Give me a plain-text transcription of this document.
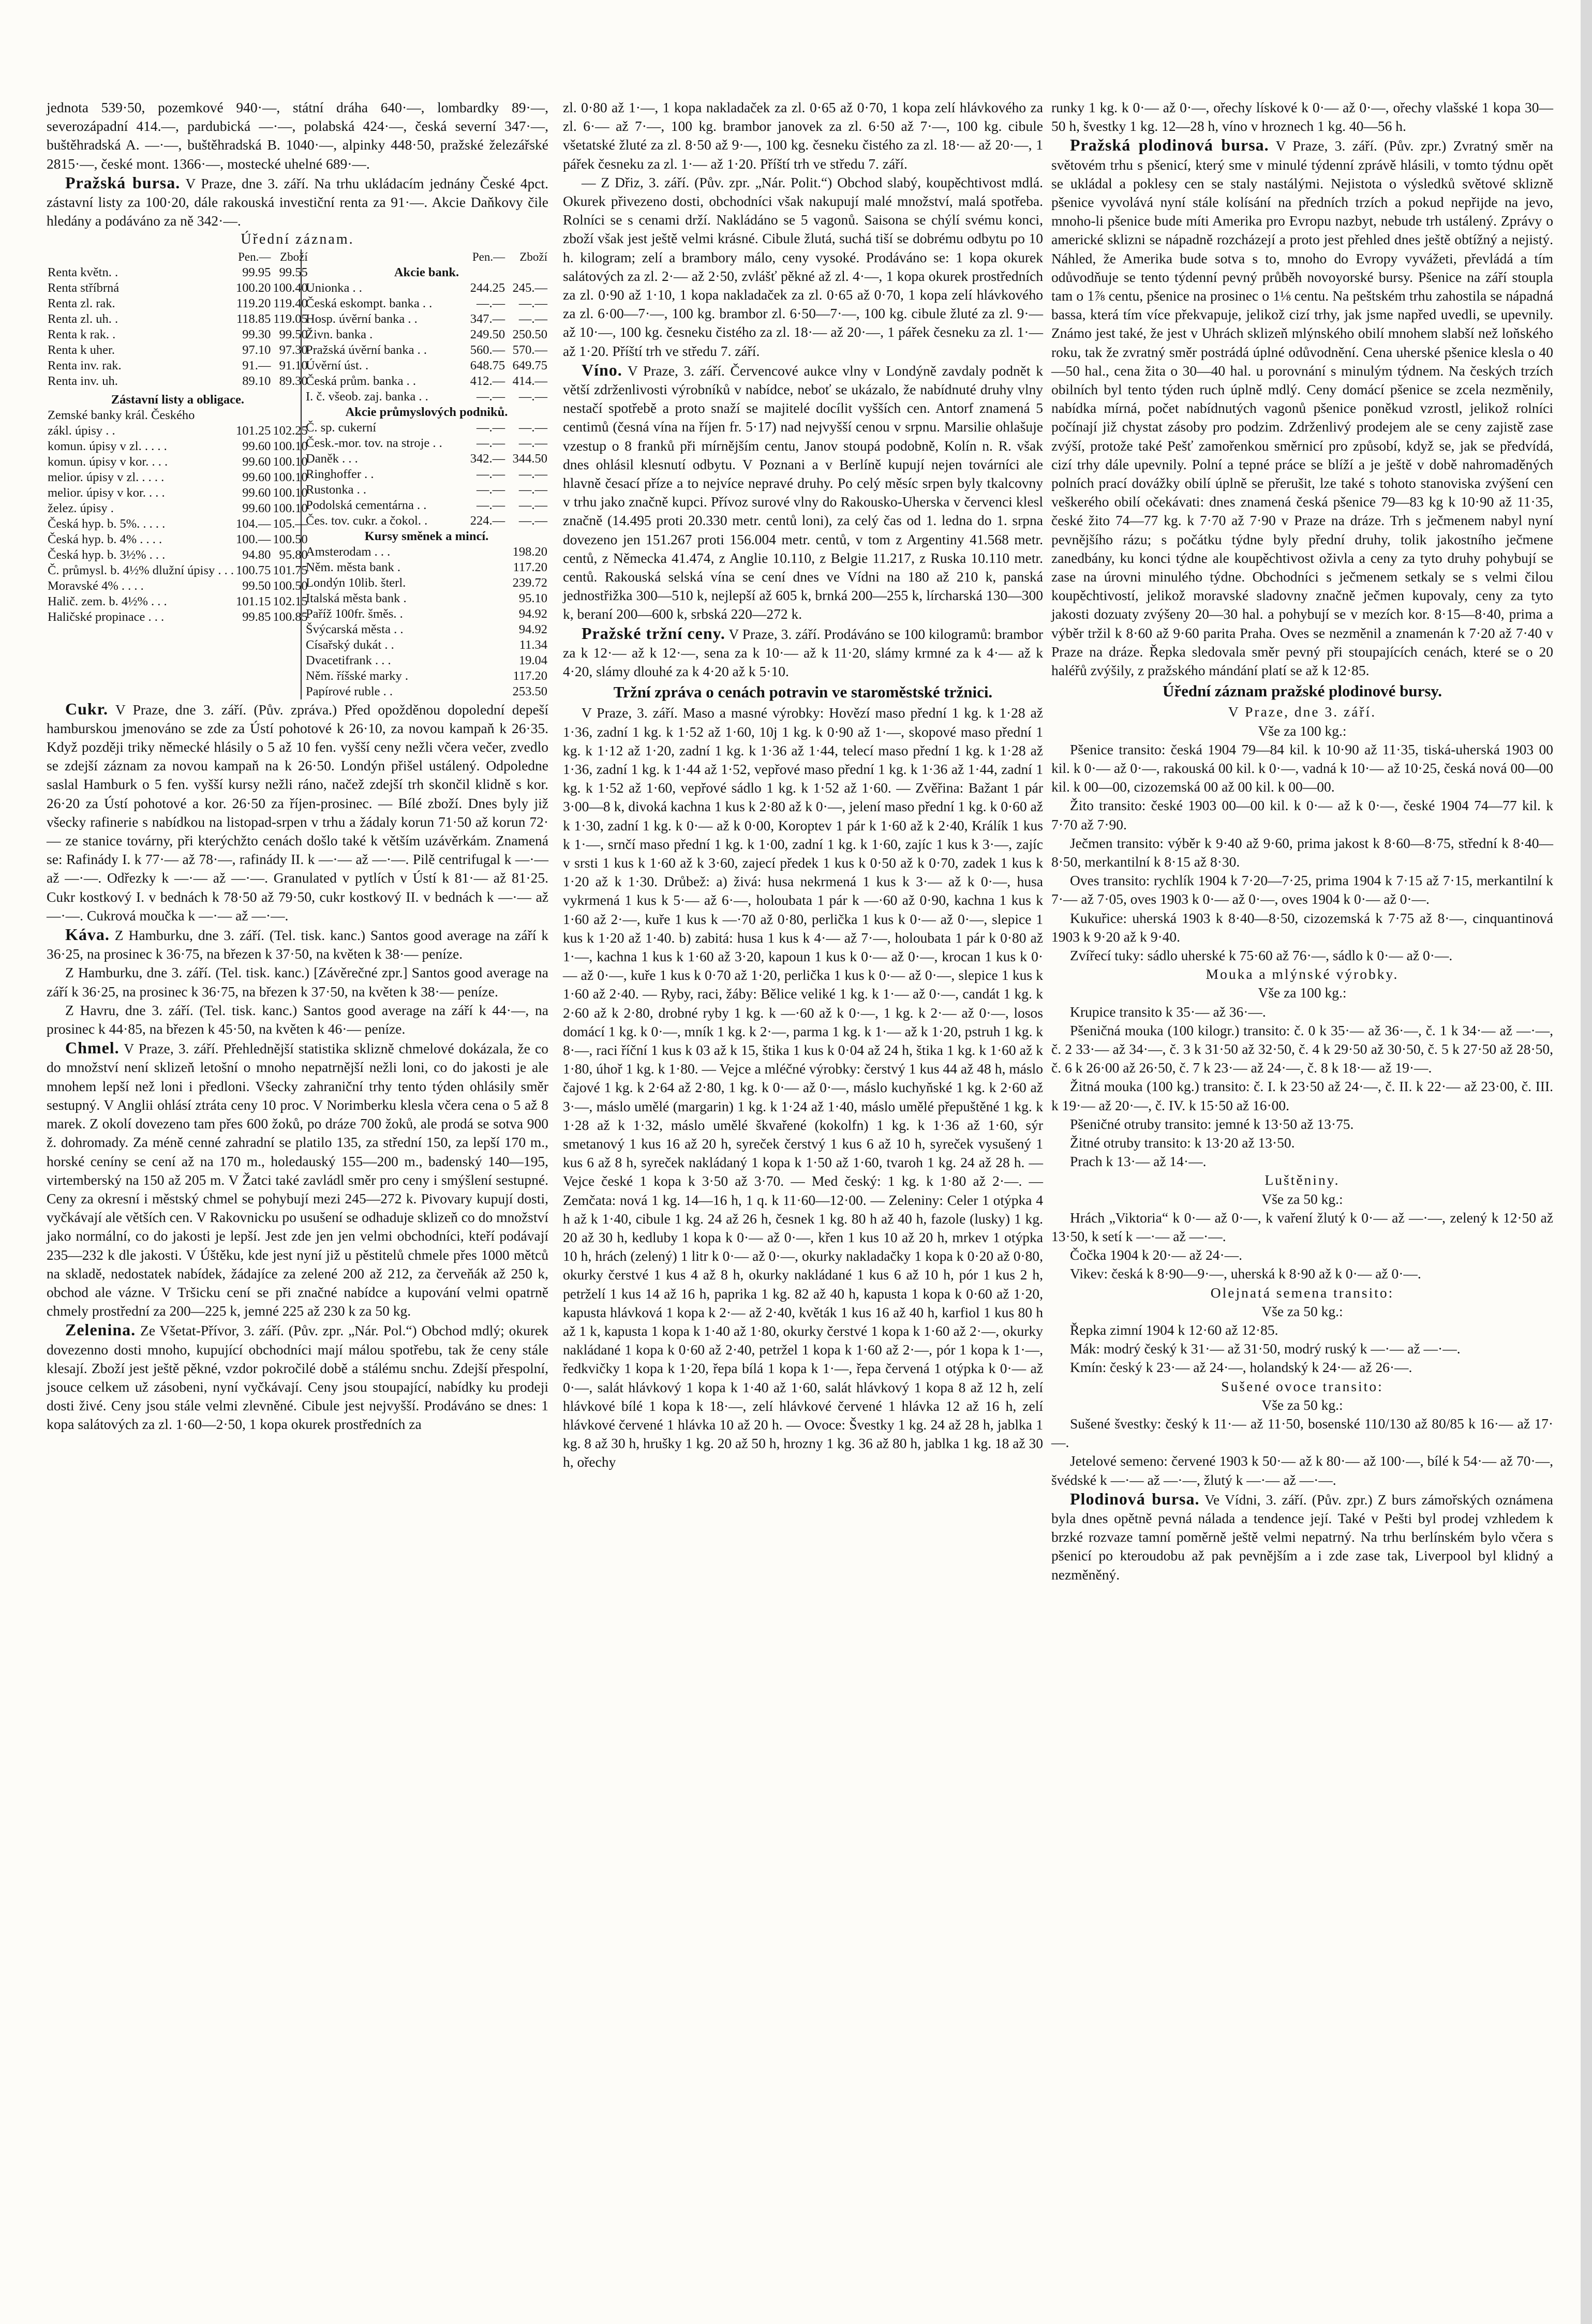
jednota 539·50, pozemkové 940·—, státní dráha 640·—, lombardky 89·—, severozápadní 414.—, pardubická —·—, polabská 424·—, česká severní 347·—, buštěhradská A. —·—, buštěhradská B. 1040·—, alpinky 448·50, pražské železářské 2815·—, české mont. 1366·—, mostecké uhelné 689·—.

Pražská bursa. V Praze, dne 3. září. Na trhu ukládacím jednány České 4pct. zástavní listy za 100·20, dále rakouská investiční renta za 91·—. Akcie Daňkovy čile hledány a podáváno za ně 342·—.

Úřední záznam.
	Pen.—	Zboží
Renta květn. .	99.95	99.55
Renta stříbrná	100.20	100.40
Renta zl. rak.	119.20	119.40
Renta zl. uh. .	118.85	119.05
Renta k rak. .	99.30	99.50
Renta k uher.	97.10	97.30
Renta inv. rak.	91.—	91.10
Renta inv. uh.	89.10	89.30
Zástavní listy a obligace.		
Zemské banky král. Českého		
zákl. úpisy . .	101.25	102.25
komun. úpisy v zl. . . . .	99.60	100.10
komun. úpisy v kor. . . .	99.60	100.10
melior. úpisy v zl. . . . .	99.60	100.10
melior. úpisy v kor. . . .	99.60	100.10
želez. úpisy .	99.60	100.10
Česká hyp. b. 5%. . . . .	104.—	105.—
Česká hyp. b. 4% . . . .	100.—	100.50
Česká hyp. b. 3½% . . .	94.80	95.80
Č. průmysl. b. 4½% dlužní úpisy . . .	100.75	101.75
Moravské 4% . . . .	99.50	100.50
Halič. zem. b. 4½% . . .	101.15	102.15
Haličské propinace . . .	99.85	100.85
	Pen.—	Zboží
Akcie bank.		
Unionka . .	244.25	245.—
Česká eskompt. banka . .	—.—	—.—
Hosp. úvěrní banka . .	347.—	—.—
Živn. banka .	249.50	250.50
Pražská úvěrní banka . .	560.—	570.—
Úvěrní úst. .	648.75	649.75
Česká prům. banka . .	412.—	414.—
I. č. všeob. zaj. banka . .	—.—	—.—
Akcie průmyslových podniků.		
Č. sp. cukerní	—.—	—.—
Česk.-mor. tov. na stroje . .	—.—	—.—
Daněk . . .	342.—	344.50
Ringhoffer . .	—.—	—.—
Rustonka . .	—.—	—.—
Podolská cementárna . .	—.—	—.—
Čes. tov. cukr. a čokol. .	224.—	—.—
Kursy směnek a mincí.		
Amsterodam . . .		198.20
Něm. města bank .		117.20
Londýn 10lib. šterl.		239.72
Italská města bank .		95.10
Paříž 100fr. šměs. .		94.92
Švýcarská města . .		94.92
Císařský dukát . .		11.34
Dvacetifrank . . .		19.04
Něm. říšské marky .		117.20
Papírové ruble . .		253.50

Cukr. V Praze, dne 3. září. (Pův. zpráva.) Před opožděnou dopolední depeší hamburskou jmenováno se zde za Ústí pohotové k 26·10, za novou kampaň k 26·35. Když později triky německé hlásily o 5 až 10 fen. vyšší ceny nežli včera večer, zvedlo se zdejší záznam za novou kampaň na k 26·50. Londýn přišel ustálený. Odpoledne saslal Hamburk o 5 fen. vyšší kursy nežli ráno, načež zdejší trh skončil klidně s kor. 26·20 za Ústí pohotové a kor. 26·50 za říjen-prosinec. — Bílé zboží. Dnes byly již všecky rafinerie s nabídkou na listopad-srpen v trhu a žádaly korun 71·50 až korun 72·— ze stanice továrny, při kterýchžto cenách došlo také k větším uzávěrkám. Znamená se: Rafinády I. k 77·— až 78·—, rafinády II. k —·— až —·—. Pilě centrifugal k —·— až —·—. Odřezky k —·— až —·—. Granulated v pytlích v Ústí k 81·— až 81·25. Cukr kostkový I. v bednách k 78·50 až 79·50, cukr kostkový II. v bednách k —·— až —·—. Cukrová moučka k —·— až —·—.

Káva. Z Hamburku, dne 3. září. (Tel. tisk. kanc.) Santos good average na září k 36·25, na prosinec k 36·75, na březen k 37·50, na květen k 38·— peníze.

Z Hamburku, dne 3. září. (Tel. tisk. kanc.) [Závěrečné zpr.] Santos good average na září k 36·25, na prosinec k 36·75, na březen k 37·50, na květen k 38·— peníze.

Z Havru, dne 3. září. (Tel. tisk. kanc.) Santos good average na září k 44·—, na prosinec k 44·85, na březen k 45·50, na květen k 46·— peníze.

Chmel. V Praze, 3. září. Přehlednější statistika sklizně chmelové dokázala, že co do množství není sklizeň letošní o mnoho nepatrnější nežli loni, co do jakosti je ale mnohem lepší než loni i předloni. Všecky zahraniční trhy tento týden ohlásily směr sestupný. V Anglii ohlásí ztráta ceny 10 proc. V Norimberku klesla včera cena o 5 až 8 marek. Z okolí dovezeno tam přes 600 žoků, po dráze 700 žoků, ale prodá se sotva 900 ž. dohromady. Za méně cenné zahradní se platilo 135, za střední 150, za lepší 170 m., horské ceníny se cení až na 170 m., holedauský 155—200 m., badenský 140—195, virtemberský na 150 až 205 m. V Žatci také zavládl směr pro ceny i smýšlení sestupné. Ceny za okresní i městský chmel se pohybují mezi 245—272 k. Pivovary kupují dosti, vyčkávají ale větších cen. V Rakovnicku po usušení se odhaduje sklizeň co do množství jako normální, co do jakosti je lepší. Jest zde jen jen velmi obchodníci, kteří podávají 235—232 k dle jakosti. V Úštěku, kde jest nyní již u pěstitelů chmele přes 1000 mětců na skladě, nedostatek nabídek, žádajíce za zelené 200 až 212, za červeňák až 250 k, obchod ale vázne. V Tršicku cení se při značné nabídce a kupování velmi opatrně chmely prostřední za 200—225 k, jemné 225 až 230 k za 50 kg.

Zelenina. Ze Všetat-Přívor, 3. září. (Pův. zpr. „Nár. Pol.“) Obchod mdlý; okurek dovezenno dosti mnoho, kupující obchodníci mají málou spotřebu, tak že ceny stále klesají. Zboží jest ještě pěkné, vzdor pokročilé době a stálému snchu. Zdejší přespolní, jsouce celkem už zásobeni, nyní vyčkávají. Ceny jsou stoupající, nabídky ku prodeji dosti živé. Ceny jsou stále velmi zlevněné. Cibule jest nejvyšší. Prodáváno se dnes: 1 kopa salátových za zl. 1·60—2·50, 1 kopa okurek prostředních za

zl. 0·80 až 1·—, 1 kopa nakladaček za zl. 0·65 až 0·70, 1 kopa zelí hlávkového za zl. 6·— až 7·—, 100 kg. brambor janovek za zl. 6·50 až 7·—, 100 kg. cibule všetatské žluté za zl. 8·50 až 9·—, 100 kg. česneku čistého za zl. 18·— až 20·—, 1 pářek česneku za zl. 1·— až 1·20. Příští trh ve středu 7. září.

— Z Dřiz, 3. září. (Pův. zpr. „Nár. Polit.“) Obchod slabý, koupěchtivost mdlá. Okurek přivezeno dosti, obchodníci však nakupují malé množství, malá spotřeba. Rolníci se s cenami drží. Nakládáno se 5 vagonů. Saisona se chýlí svému konci, zboží však jest ještě velmi krásné. Cibule žlutá, suchá tiší se dobrému odbytu po 10 h. kilogram; zelí a brambory málo, ceny vysoké. Prodáváno se: 1 kopa okurek salátových za zl. 2·— až 2·50, zvlášť pěkné až zl. 4·—, 1 kopa okurek prostředních za zl. 0·90 až 1·10, 1 kopa nakladaček za zl. 0·65 až 0·70, 1 kopa zelí hlávkového za zl. 6·00—7·—, 100 kg. brambor zl. 6·50—7·—, 100 kg. cibule žluté za zl. 9·— až 10·—, 100 kg. česneku čistého za zl. 18·— až 20·—, 1 pářek česneku za zl. 1·— až 1·20. Příští trh ve středu 7. září.

Víno. V Praze, 3. září. Červencové aukce vlny v Londýně zavdaly podnět k větší zdrženlivosti výrobníků v nabídce, neboť se ukázalo, že nabídnuté druhy vlny nestačí spotřebě a proto snaží se majitelé docílit vyšších cen. Antorf znamená 5 centimů (česná vína na říjen fr. 5·17) nad nejvyšší cenou v srpnu. Marsilie ohlašuje vzestup o 8 franků při mírnějším centu, Janov stoupá podobně, Kolín n. R. však dnes ohlásil klesnutí odbytu. V Poznani a v Berlíně kupují nejen továrníci ale hlavně česací příze a to nejvíce nepravé druhy. Po celý měsíc srpen byly tkalcovny v trhu jako značně kupci. Přívoz surové vlny do Rakousko-Uherska v červenci klesl značně (14.495 proti 20.330 metr. centů loni), za celý čas od 1. ledna do 1. srpna dovezeno jen 151.267 proti 156.004 metr. centů, v tom z Argentiny 41.568 metr. centů, z Německa 41.474, z Anglie 10.110, z Belgie 11.217, z Ruska 10.110 metr. centů. Rakouská selská vína se cení dnes ve Vídni na 180 až 210 k, panská jednostřižka 300—510 k, nejlepší až 605 k, brnká 200—255 k, lírcharská 130—300 k, beraní 200—600 k, srbská 220—272 k.

Pražské tržní ceny. V Praze, 3. září. Prodáváno se 100 kilogramů: brambor za k 12·— až k 12·—, sena za k 10·— až k 11·20, slámy krmné za k 4·— až k 4·20, slámy dlouhé za k 4·20 až k 5·10.

Tržní zpráva o cenách potravin ve staroměstské tržnici.

V Praze, 3. září. Maso a masné výrobky: Hovězí maso přední 1 kg. k 1·28 až 1·36, zadní 1 kg. k 1·52 až 1·60, 10j 1 kg. k 0·90 až 1·—, skopové maso přední 1 kg. k 1·12 až 1·20, zadní 1 kg. k 1·36 až 1·44, telecí maso přední 1 kg. k 1·28 až 1·36, zadní 1 kg. k 1·44 až 1·52, vepřové maso přední 1 kg. k 1·36 až 1·44, zadní 1 kg. k 1·52 až 1·60, vepřové sádlo 1 kg. k 1·52 až 1·60. — Zvěřina: Bažant 1 pár 3·00—8 k, divoká kachna 1 kus k 2·80 až k 0·—, jelení maso přední 1 kg. k 0·60 až k 1·30, zadní 1 kg. k 0·— až k 0·00, Koroptev 1 pár k 1·60 až k 2·40, Králík 1 kus k 1·—, srnčí maso přední 1 kg. k 1·00, zadní 1 kg. k 1·60, zajíc 1 kus k 3·—, zajíc v srsti 1 kus k 1·60 až k 3·60, zajecí předek 1 kus k 0·50 až k 0·70, zadek 1 kus k 1·20 až k 1·30. Drůbež: a) živá: husa nekrmená 1 kus k 3·— až k 0·—, husa vykrmená 1 kus k 5·— až 6·—, holoubata 1 pár k —·60 až 0·90, kachna 1 kus k 1·60 až 2·—, kuře 1 kus k —·70 až 0·80, perlička 1 kus k 0·— až 0·—, slepice 1 kus k 1·20 až 1·40. b) zabitá: husa 1 kus k 4·— až 7·—, holoubata 1 pár k 0·80 až 1·—, kachna 1 kus k 1·60 až 3·20, kapoun 1 kus k 0·— až 0·—, krocan 1 kus k 0·— až 0·—, kuře 1 kus k 0·70 až 1·20, perlička 1 kus k 0·— až 0·—, slepice 1 kus k 1·60 až 2·40. — Ryby, raci, žáby: Bělice veliké 1 kg. k 1·— až 0·—, candát 1 kg. k 2·60 až k 2·80, drobné ryby 1 kg. k —·60 až k 0·—, 1 kg. k 2·— až 0·—, losos domácí 1 kg. k 0·—, mník 1 kg. k 2·—, parma 1 kg. k 1·— až k 1·20, pstruh 1 kg. k 8·—, raci říční 1 kus k 03 až k 15, štika 1 kus k 0·04 až 24 h, štika 1 kg. k 1·60 až k 1·80, úhoř 1 kg. k 1·80. — Vejce a mléčné výrobky: čerstvý 1 kus 44 až 48 h, máslo čajové 1 kg. k 2·64 až 2·80, 1 kg. k 0·— až 0·—, máslo kuchyňské 1 kg. k 2·60 až 3·—, máslo umělé (margarin) 1 kg. k 1·24 až 1·40, máslo umělé přepuštěné 1 kg. k 1·28 až k 1·32, máslo umělé škvařené (kokolfn) 1 kg. k 1·36 až 1·60, sýr smetanový 1 kus 16 až 20 h, syreček čerstvý 1 kus 6 až 10 h, syreček vysušený 1 kus 6 až 8 h, syreček nakládaný 1 kopa k 1·50 až 1·60, tvaroh 1 kg. 24 až 28 h. — Vejce české 1 kopa k 3·50 až 3·70. — Med český: 1 kg. k 1·80 až 2·—. — Zemčata: nová 1 kg. 14—16 h, 1 q. k 11·60—12·00. — Zeleniny: Celer 1 otýpka 4 h až k 1·40, cibule 1 kg. 24 až 26 h, česnek 1 kg. 80 h až 40 h, fazole (lusky) 1 kg. 20 až 30 h, kedluby 1 kopa k 0·— až 0·—, křen 1 kus 10 až 20 h, mrkev 1 otýpka 10 h, hrách (zelený) 1 litr k 0·— až 0·—, okurky nakladačky 1 kopa k 0·20 až 0·80, okurky čerstvé 1 kus 4 až 8 h, okurky nakládané 1 kus 6 až 10 h, pór 1 kus 2 h, petrželí 1 kus 14 až 16 h, paprika 1 kg. 82 až 40 h, kapusta 1 kopa k 0·60 až 1·20, kapusta hlávková 1 kopa k 2·— až 2·40, květák 1 kus 16 až 40 h, karfiol 1 kus 80 h až 1 k, kapusta 1 kopa k 1·40 až 1·80, okurky čerstvé 1 kopa k 1·60 až 2·—, okurky nakládané 1 kopa k 0·60 až 2·40, petržel 1 kopa k 1·60 až 2·—, pór 1 kopa k 1·—, ředkvičky 1 kopa k 1·20, řepa bílá 1 kopa k 1·—, řepa červená 1 otýpka k 0·— až 0·—, salát hlávkový 1 kopa k 1·40 až 1·60, salát hlávkový 1 kopa 8 až 12 h, zelí hlávkové bílé 1 kopa k 18·—, zelí hlávkové červené 1 hlávka 12 až 16 h, zelí hlávkové červené 1 hlávka 10 až 20 h. — Ovoce: Švestky 1 kg. 24 až 28 h, jablka 1 kg. 8 až 30 h, hrušky 1 kg. 20 až 50 h, hrozny 1 kg. 36 až 80 h, jablka 1 kg. 18 až 30 h, ořechy

runky 1 kg. k 0·— až 0·—, ořechy lískové k 0·— až 0·—, ořechy vlašské 1 kopa 30—50 h, švestky 1 kg. 12—28 h, víno v hroznech 1 kg. 40—56 h.

Pražská plodinová bursa. V Praze, 3. září. (Pův. zpr.) Zvratný směr na světovém trhu s pšenicí, který sme v minulé týdenní zprávě hlásili, v tomto týdnu opět se ukládal a poklesy cen se staly nastálými. Nejistota o výsledků světové sklizně pšenice vyvolává nyní stále kolísání na předních trzích a pokud nepřijde na jevo, mnoho-li pšenice bude míti Amerika pro Evropu nazbyt, nebude trh ustálený. Zprávy o americké sklizni se nápadně rozcházejí a proto jest přehled dnes ještě obtížný a nejistý. Náhled, že Amerika bude sotva s to, mnoho do Evropy vyvážeti, převládá a tím odůvodňuje se tento týdenní pevný průběh novoyorské bursy. Pšenice na září stoupla tam o 1⅞ centu, pšenice na prosinec o 1⅛ centu. Na peštském trhu zahostila se nápadná bassa, která tím více překvapuje, jelikož cizí trhy, jak jsme napřed uvedli, se upevnily. Známo jest také, že jest v Uhrách sklizeň mlýnského obilí mnohem slabší než loňského roku, tak že zvratný směr postrádá úplné odůvodnění. Cena uherské pšenice klesla o 40—50 hal., cena žita o 30—40 hal. u porovnání s minulým týdnem. Na českých trzích obilních byl tento týden ruch úplně mdlý. Ceny domácí pšenice se zcela nezměnily, nabídka mírná, počet nabídnutých vagonů pšenice poněkud vzrostl, jelikož rolníci počínají již chystat zásoby pro podzim. Zdrženlivý prodejem ale se ceny zajistě zase zvýší, protože také Pešť zamořenkou směrnicí pro způsobí, když se, jak se předvídá, cizí trhy dále upevnily. Polní a tepné práce se blíží a je ještě v době nahromaděných polních prací dovážky obilí úplně se přerušit, lze také s tohoto stanoviska zvýšení cen veškerého obilí očekávati: dnes znamená česká pšenice 79—83 kg k 10·90 až 11·35, české žito 74—77 kg. k 7·70 až 7·90 v Praze na dráze. Trh s ječmenem nabyl nyní pevnějšího rázu; s počátku týdne byly přední druhy, tolik jakostního ječmene zanedbány, ku konci týdne ale koupěchtivost oživla a ceny za tyto druhy pohybují se zase na úrovni minulého týdne. Obchodníci s ječmenem setkaly se s velmi čilou koupěchtivostí, jelikož moravské sladovny značně ječmen kupovaly, ceny za tyto jakosti dozuaty zvýšeny 20—30 hal. a pohybují se v mezích kor. 8·15—8·40, prima a výběr tržil k 8·60 až 9·60 parita Praha. Oves se nezměnil a znamenán k 7·20 až 7·40 v Praze na dráze. Řepka sledovala směr pevný při stoupajících cenách, které se o 20 haléřů zvýšily, z pražského mándání platí se až k 12·85.

Úřední záznam pražské plodinové bursy.
V Praze, dne 3. září.
Vše za 100 kg.:

Pšenice transito: česká 1904 79—84 kil. k 10·90 až 11·35, tiská-uherská 1903 00 kil. k 0·— až 0·—, rakouská 00 kil. k 0·—, vadná k 10·— až 10·25, česká nová 00—00 kil. k 00—00, cizozemská 00 až 00 kil. k 00—00.

Žito transito: české 1903 00—00 kil. k 0·— až k 0·—, české 1904 74—77 kil. k 7·70 až 7·90.

Ječmen transito: výběr k 9·40 až 9·60, prima jakost k 8·60—8·75, střední k 8·40—8·50, merkantilní k 8·15 až 8·30.

Oves transito: rychlík 1904 k 7·20—7·25, prima 1904 k 7·15 až 7·15, merkantilní k 7·— až 7·05, oves 1903 k 0·— až 0·—, oves 1904 k 0·— až 0·—.

Kukuřice: uherská 1903 k 8·40—8·50, cizozemská k 7·75 až 8·—, cinquantinová 1903 k 9·20 až k 9·40.

Zvířecí tuky: sádlo uherské k 75·60 až 76·—, sádlo k 0·— až 0·—.

Mouka a mlýnské výrobky.
Vše za 100 kg.:

Krupice transito k 35·— až 36·—.

Pšeničná mouka (100 kilogr.) transito: č. 0 k 35·— až 36·—, č. 1 k 34·— až —·—, č. 2 33·— až 34·—, č. 3 k 31·50 až 32·50, č. 4 k 29·50 až 30·50, č. 5 k 27·50 až 28·50, č. 6 k 26·00 až 26·50, č. 7 k 23·— až 24·—, č. 8 k 18·— až 19·—.

Žitná mouka (100 kg.) transito: č. I. k 23·50 až 24·—, č. II. k 22·— až 23·00, č. III. k 19·— až 20·—, č. IV. k 15·50 až 16·00.

Pšeničné otruby transito: jemné k 13·50 až 13·75.

Žitné otruby transito: k 13·20 až 13·50.

Prach k 13·— až 14·—.

Luštěniny.
Vše za 50 kg.:

Hrách „Viktoria“ k 0·— až 0·—, k vaření žlutý k 0·— až —·—, zelený k 12·50 až 13·50, k setí k —·— až —·—.

Čočka 1904 k 20·— až 24·—.

Vikev: česká k 8·90—9·—, uherská k 8·90 až k 0·— až 0·—.

Olejnatá semena transito:
Vše za 50 kg.:

Řepka zimní 1904 k 12·60 až 12·85.

Mák: modrý český k 31·— až 31·50, modrý ruský k —·— až —·—.

Kmín: český k 23·— až 24·—, holandský k 24·— až 26·—.

Sušené ovoce transito:
Vše za 50 kg.:

Sušené švestky: český k 11·— až 11·50, bosenské 110/130 až 80/85 k 16·— až 17·—.

Jetelové semeno: červené 1903 k 50·— až k 80·— až 100·—, bílé k 54·— až 70·—, švédské k —·— až —·—, žlutý k —·— až —·—.

Plodinová bursa. Ve Vídni, 3. září. (Pův. zpr.) Z burs zámořských oznámena byla dnes opětně pevná nálada a tendence její. Také v Pešti byl prodej vzhledem k brzké rozvaze tamní poměrně ještě velmi nepatrný. Na trhu berlínském bylo včera s pšenicí po kteroudobu až pak pevnějším a i zde zase tak, Liverpool byl klidný a nezměněný.
